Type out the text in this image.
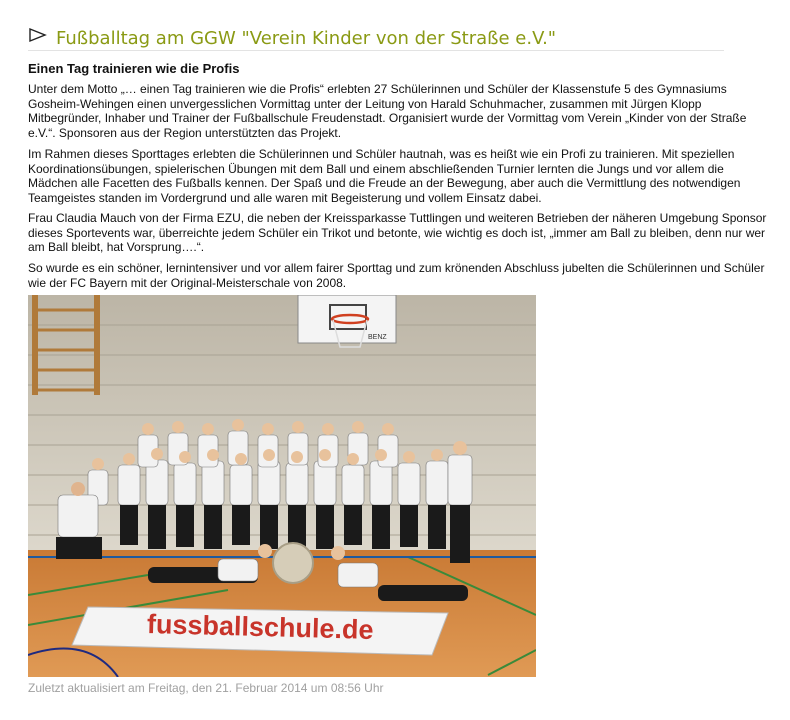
Fußballtag am GGW "Verein Kinder von der Straße e.V."
Einen Tag trainieren wie die Profis

Unter dem Motto „… einen Tag trainieren wie die Profis“ erlebten 27 Schülerinnen und Schüler der Klassenstufe 5 des Gymnasiums Gosheim-Wehingen einen unvergesslichen Vormittag unter der Leitung von Harald Schuhmacher, zusammen mit Jürgen Klopp Mitbegründer, Inhaber und Trainer der Fußballschule Freudenstadt. Organisiert wurde der Vormittag vom Verein „Kinder von der Straße e.V.“. Sponsoren aus der Region unterstützten das Projekt.

Im Rahmen dieses Sporttages erlebten die Schülerinnen und Schüler hautnah, was es heißt wie ein Profi zu trainieren. Mit speziellen Koordinationsübungen, spielerischen Übungen mit dem Ball und einem abschließenden Turnier lernten die Jungs und vor allem die Mädchen alle Facetten des Fußballs kennen. Der Spaß und die Freude an der Bewegung, aber auch die Vermittlung des notwendigen Teamgeistes standen im Vordergrund und alle waren mit Begeisterung und vollem Einsatz dabei.

Frau Claudia Mauch von der Firma EZU, die neben der Kreissparkasse Tuttlingen und weiteren Betrieben der näheren Umgebung Sponsor dieses Sportevents war, überreichte jedem Schüler ein Trikot und betonte, wie wichtig es doch ist, „immer am Ball zu bleiben, denn nur wer am Ball bleibt, hat Vorsprung….“.

So wurde es ein schöner, lernintensiver und vor allem fairer Sporttag und zum krönenden Abschluss jubelten die Schülerinnen und Schüler wie der FC Bayern mit der Original-Meisterschale von 2008.

BENZ
fussballschule.de
Zuletzt aktualisiert am Freitag, den 21. Februar 2014 um 08:56 Uhr
